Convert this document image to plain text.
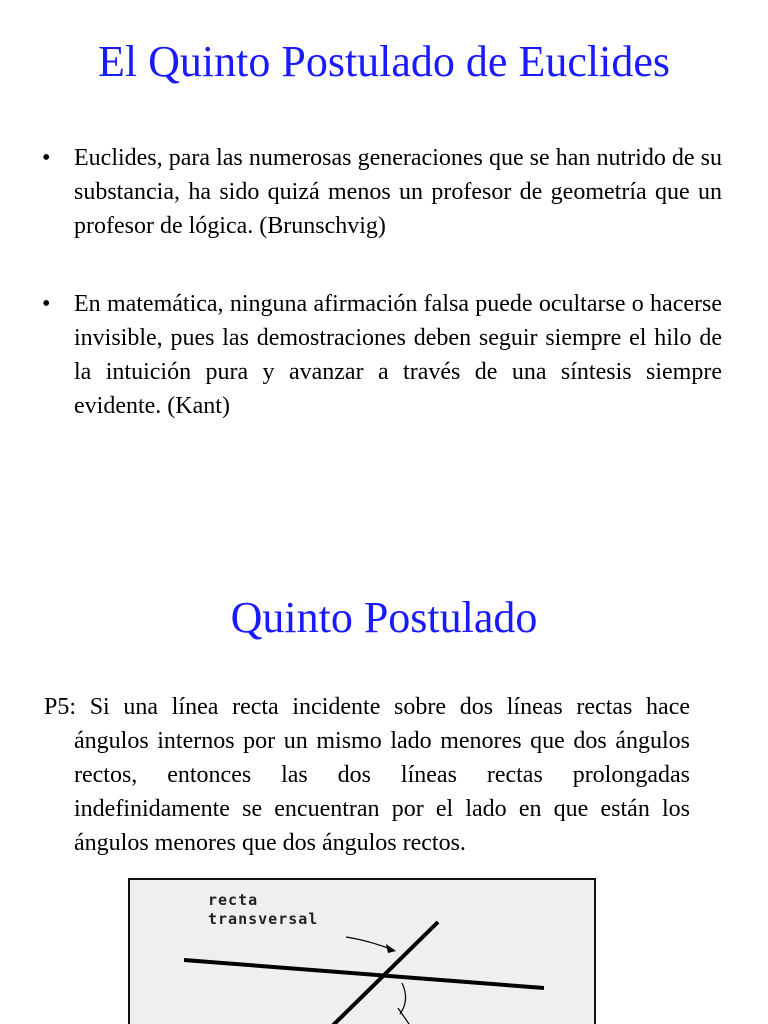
El Quinto Postulado de Euclides
• Euclides, para las numerosas generaciones que se han nutrido de su substancia, ha sido quizá menos un profesor de geometría que un profesor de lógica. (Brunschvig)
• En matemática, ninguna afirmación falsa puede ocultarse o hacerse invisible, pues las demostraciones deben seguir siempre el hilo de la intuición pura y avanzar a través de una síntesis siempre evidente. (Kant)
Quinto Postulado

P5: Si una línea recta incidente sobre dos líneas rectas hace ángulos internos por un mismo lado menores que dos ángulos rectos, entonces las dos líneas rectas prolongadas indefinidamente se encuentran por el lado en que están los ángulos menores que dos ángulos rectos.

recta
transversal
